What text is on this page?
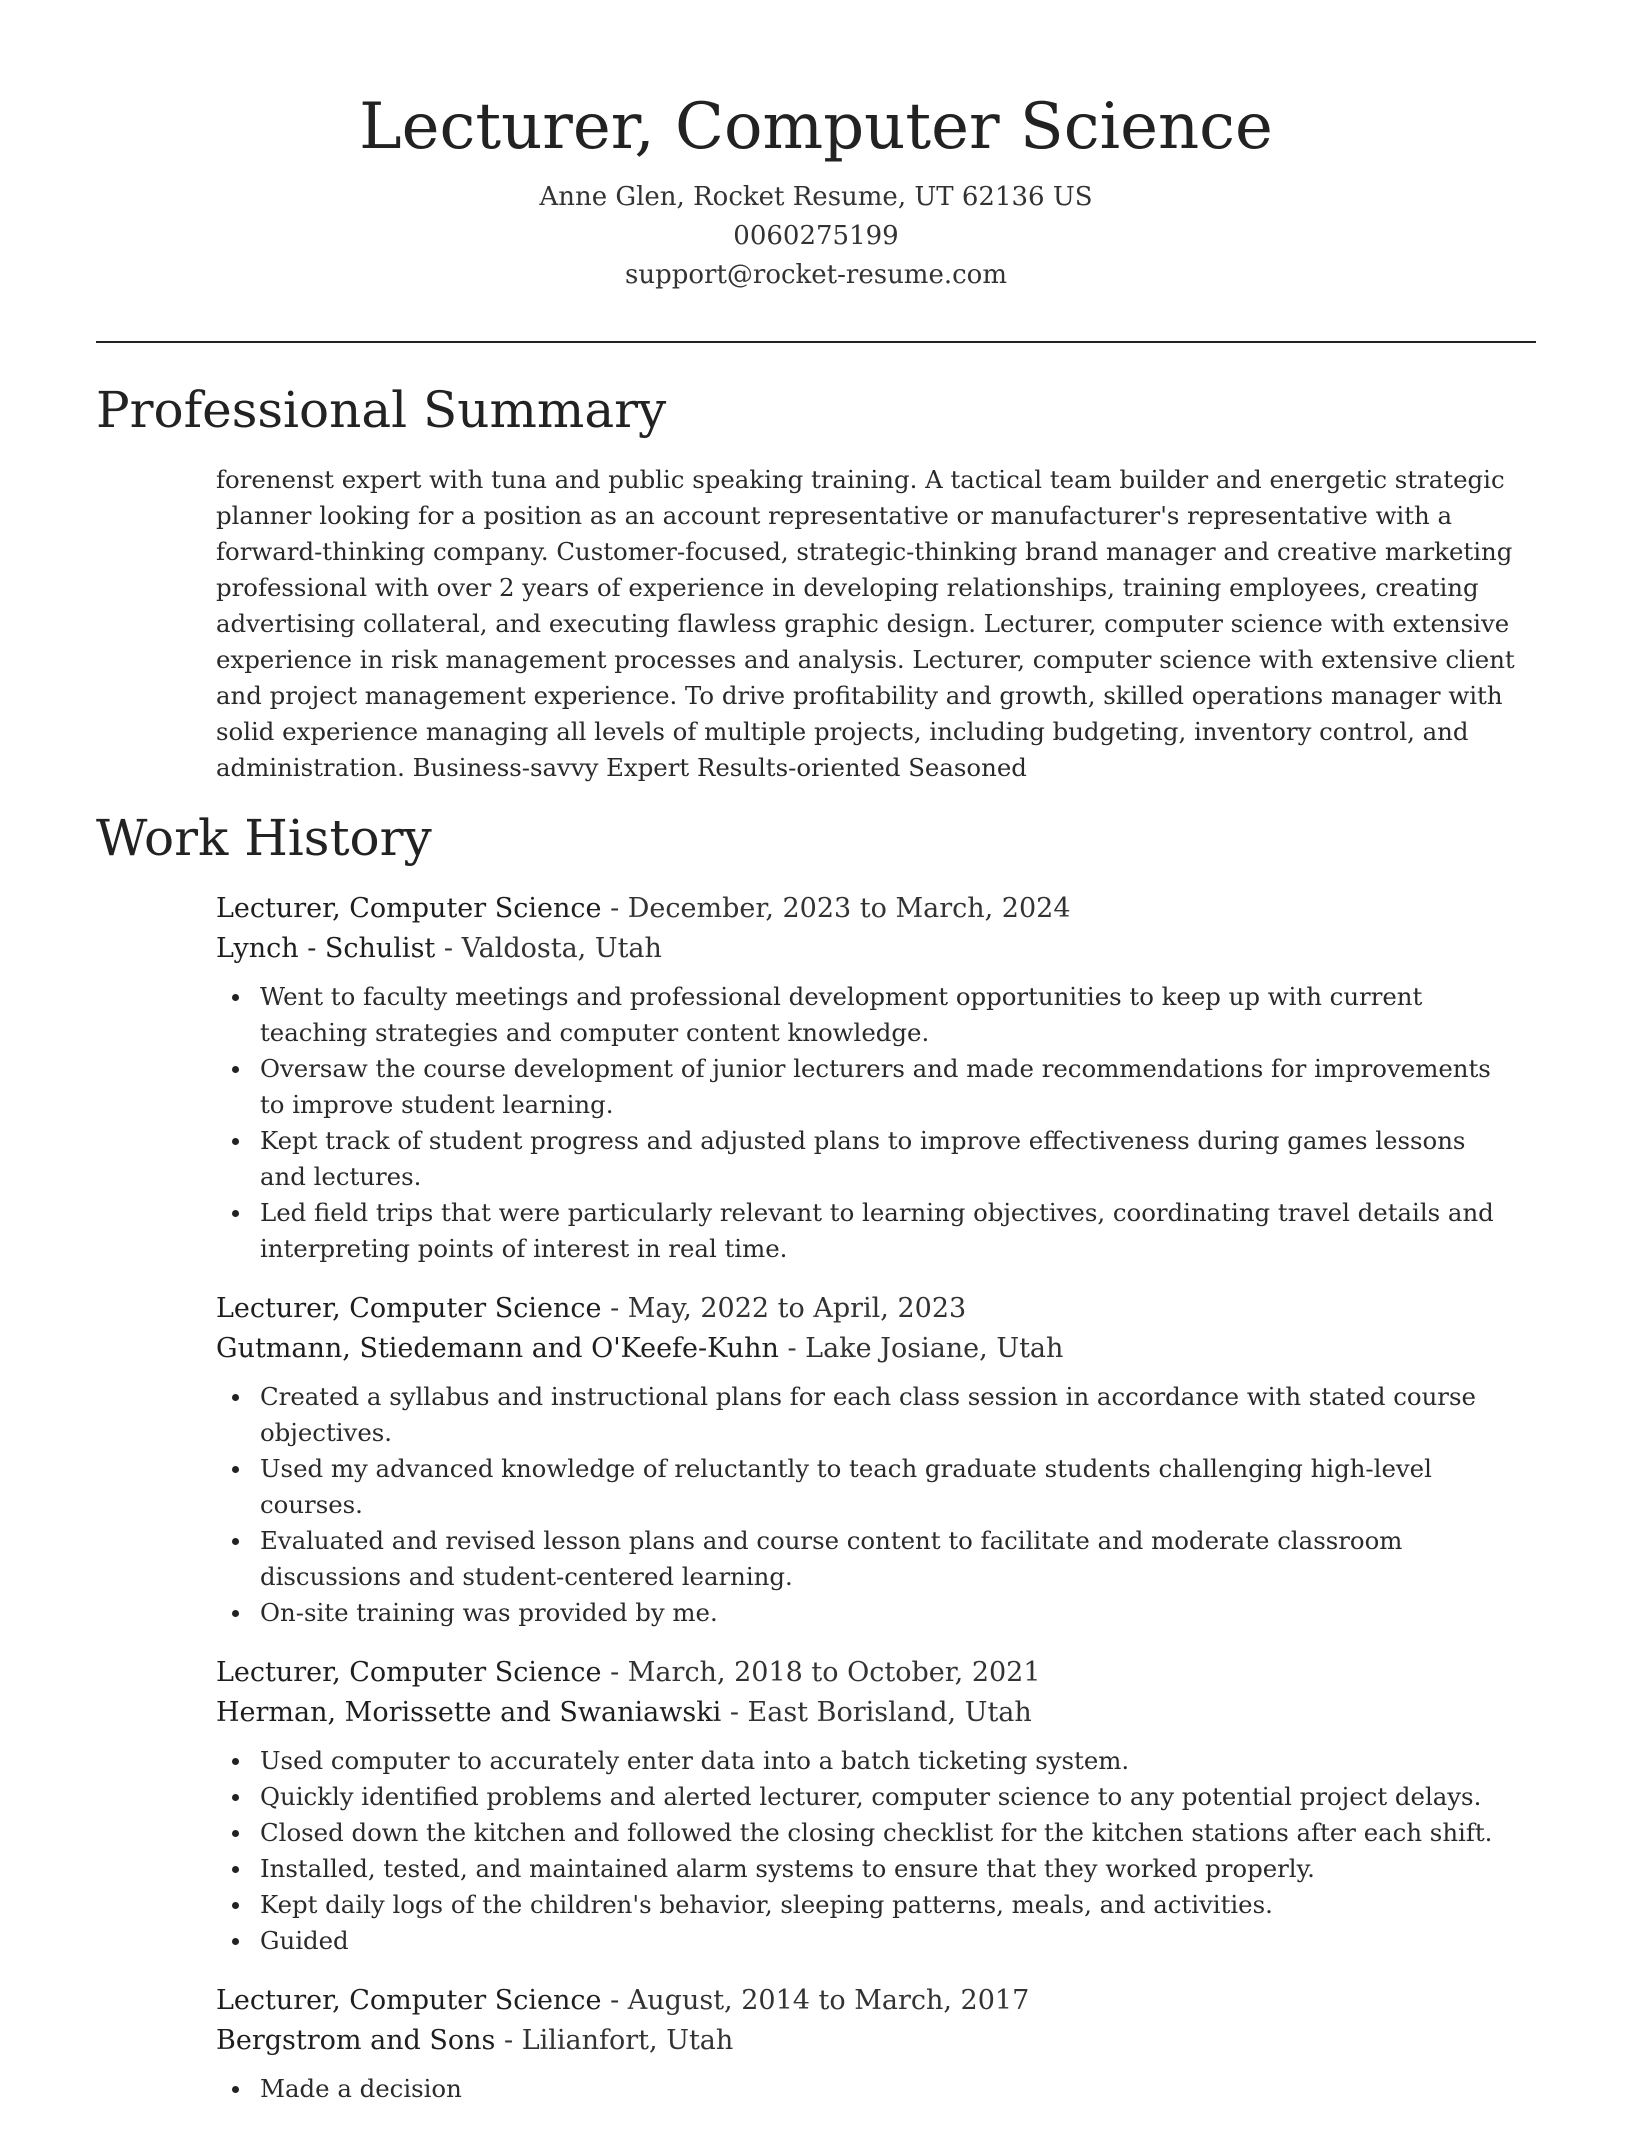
Lecturer, Computer Science
Anne Glen, Rocket Resume, UT 62136 US
0060275199
support@rocket-resume.com
Professional Summary
forenenst expert with tuna and public speaking training. A tactical team builder and energetic strategic planner looking for a position as an account representative or manufacturer's representative with a forward-thinking company. Customer-focused, strategic-thinking brand manager and creative marketing professional with over 2 years of experience in developing relationships, training employees, creating advertising collateral, and executing flawless graphic design. Lecturer, computer science with extensive experience in risk management processes and analysis. Lecturer, computer science with extensive client and project management experience. To drive profitability and growth, skilled operations manager with solid experience managing all levels of multiple projects, including budgeting, inventory control, and administration. Business-savvy Expert Results-oriented Seasoned
Work History
Lecturer, Computer Science - December, 2023 to March, 2024
Lynch - Schulist - Valdosta, Utah
Went to faculty meetings and professional development opportunities to keep up with current teaching strategies and computer content knowledge.
Oversaw the course development of junior lecturers and made recommendations for improvements to improve student learning.
Kept track of student progress and adjusted plans to improve effectiveness during games lessons and lectures.
Led field trips that were particularly relevant to learning objectives, coordinating travel details and interpreting points of interest in real time.
Lecturer, Computer Science - May, 2022 to April, 2023
Gutmann, Stiedemann and O'Keefe-Kuhn - Lake Josiane, Utah
Created a syllabus and instructional plans for each class session in accordance with stated course objectives.
Used my advanced knowledge of reluctantly to teach graduate students challenging high-level courses.
Evaluated and revised lesson plans and course content to facilitate and moderate classroom discussions and student-centered learning.
On-site training was provided by me.
Lecturer, Computer Science - March, 2018 to October, 2021
Herman, Morissette and Swaniawski - East Borisland, Utah
Used computer to accurately enter data into a batch ticketing system.
Quickly identified problems and alerted lecturer, computer science to any potential project delays.
Closed down the kitchen and followed the closing checklist for the kitchen stations after each shift.
Installed, tested, and maintained alarm systems to ensure that they worked properly.
Kept daily logs of the children's behavior, sleeping patterns, meals, and activities.
Guided
Lecturer, Computer Science - August, 2014 to March, 2017
Bergstrom and Sons - Lilianfort, Utah
Made a decision
